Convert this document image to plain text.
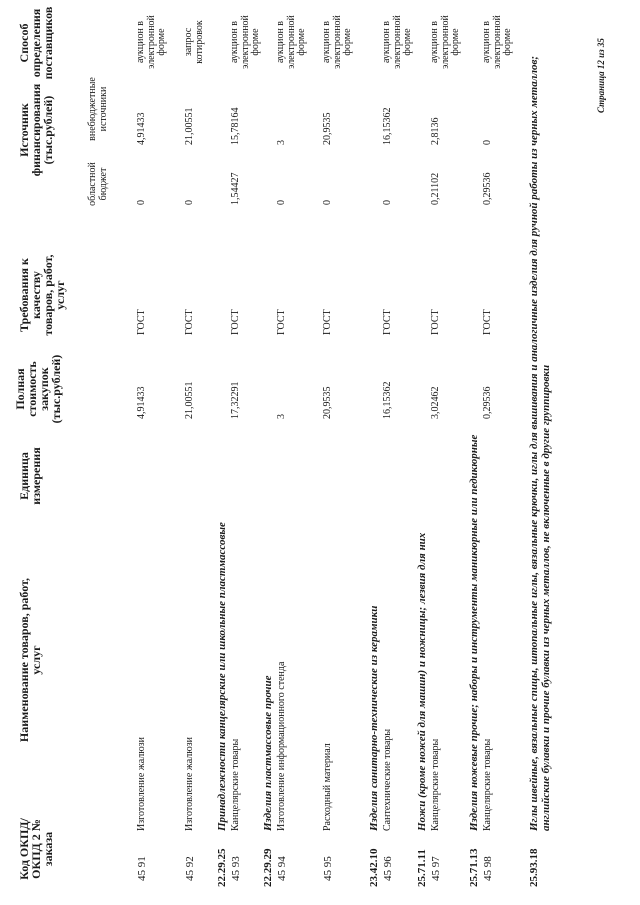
Код ОКПД/ ОКПД 2 № заказа
Наименование товаров, работ, услуг
Единица измерения
Полная стоимость закупок (тыс.рублей)
Требования к качеству товаров, работ, услуг
Источник финансирования (тыс.рублей)
областной бюджет
внебюджетные источники
Способ определения поставщиков
45 91
Изготовление жалюзи
4,91433
ГОСТ
0
4,91433
аукцион в электронной форме
45 92
Изготовление жалюзи
21,00551
ГОСТ
0
21,00551
запрос котировок
22.29.25
Принадлежности канцелярские или школьные пластмассовые
45 93
Канцелярские товары
17,32291
ГОСТ
1,54427
15,78164
аукцион в электронной форме
22.29.29
Изделия пластмассовые прочие
45 94
Изготовление информационного стенда
3
ГОСТ
0
3
аукцион в электронной форме
45 95
Расходный материал
20,9535
ГОСТ
0
20,9535
аукцион в электронной форме
23.42.10
Изделия санитарно-технические из керамики
45 96
Сантехнические товары
16,15362
ГОСТ
0
16,15362
аукцион в электронной форме
25.71.11
Ножи (кроме ножей для машин) и ножницы; лезвия для них
45 97
Канцелярские товары
3,02462
ГОСТ
0,21102
2,8136
аукцион в электронной форме
25.71.13
Изделия ножевые прочие; наборы и инструменты маникюрные или педикюрные
45 98
Канцелярские товары
0,29536
ГОСТ
0,29536
0
аукцион в электронной форме
25.93.18
Иглы швейные, вязальные спицы, штопальные иглы, вязальные крючки, иглы для вышивания и аналогичные изделия для ручной работы из черных металлов; английские булавки и прочие булавки из черных металлов, не включенные в другие группировки
Страница 12 из 35
